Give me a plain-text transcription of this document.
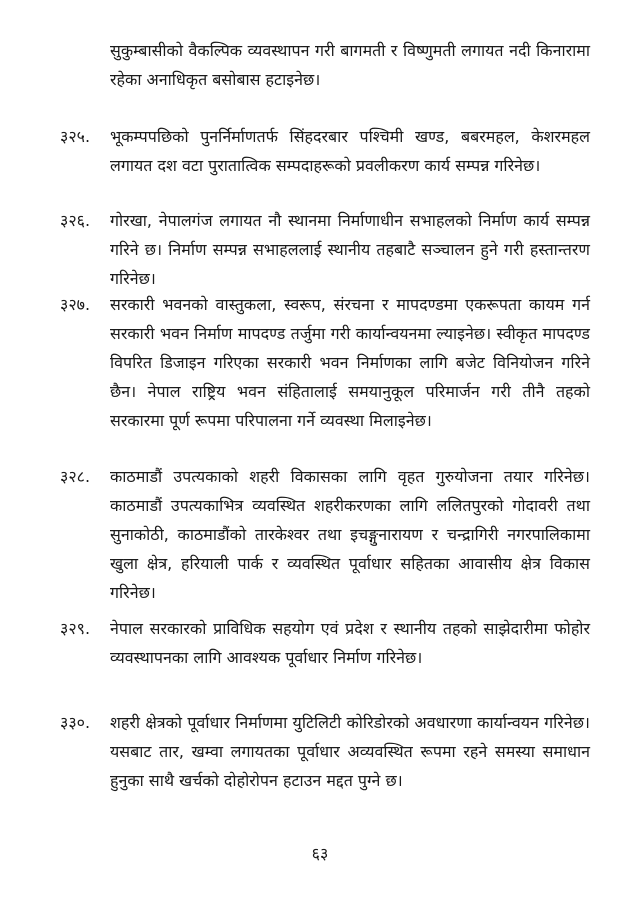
सुकुम्बासीको वैकल्पिक व्यवस्थापन गरी बागमती र विष्णुमती लगायत नदी किनारामा रहेका अनाधिकृत बसोबास हटाइनेछ।
३२५.	भूकम्पपछिको पुनर्निर्माणतर्फ सिंहदरबार पश्चिमी खण्ड, बबरमहल, केशरमहल लगायत दश वटा पुरातात्विक सम्पदाहरूको प्रवलीकरण कार्य सम्पन्न गरिनेछ।
३२६.	गोरखा, नेपालगंज लगायत नौ स्थानमा निर्माणाधीन सभाहलको निर्माण कार्य सम्पन्न गरिने छ। निर्माण सम्पन्न सभाहललाई स्थानीय तहबाटै सञ्चालन हुने गरी हस्तान्तरण गरिनेछ।
३२७.	सरकारी भवनको वास्तुकला, स्वरूप, संरचना र मापदण्डमा एकरूपता कायम गर्न सरकारी भवन निर्माण मापदण्ड तर्जुमा गरी कार्यान्वयनमा ल्याइनेछ। स्वीकृत मापदण्ड विपरित डिजाइन गरिएका सरकारी भवन निर्माणका लागि बजेट विनियोजन गरिने छैन। नेपाल राष्ट्रिय भवन संहितालाई समयानुकूल परिमार्जन गरी तीनै तहको सरकारमा पूर्ण रूपमा परिपालना गर्ने व्यवस्था मिलाइनेछ।
३२८.	काठमाडौं उपत्यकाको शहरी विकासका लागि वृहत गुरुयोजना तयार गरिनेछ। काठमाडौं उपत्यकाभित्र व्यवस्थित शहरीकरणका लागि ललितपुरको गोदावरी तथा सुनाकोठी, काठमाडौंको तारकेश्वर तथा इचङ्गुनारायण र चन्द्रागिरी नगरपालिकामा खुला क्षेत्र, हरियाली पार्क र व्यवस्थित पूर्वाधार सहितका आवासीय क्षेत्र विकास गरिनेछ।
३२९.	नेपाल सरकारको प्राविधिक सहयोग एवं प्रदेश र स्थानीय तहको साझेदारीमा फोहोर व्यवस्थापनका लागि आवश्यक पूर्वाधार निर्माण गरिनेछ।
३३०.	शहरी क्षेत्रको पूर्वाधार निर्माणमा युटिलिटी कोरिडोरको अवधारणा कार्यान्वयन गरिनेछ। यसबाट तार, खम्वा लगायतका पूर्वाधार अव्यवस्थित रूपमा रहने समस्या समाधान हुनुका साथै खर्चको दोहोरोपन हटाउन मद्दत पुग्ने छ।
६३
